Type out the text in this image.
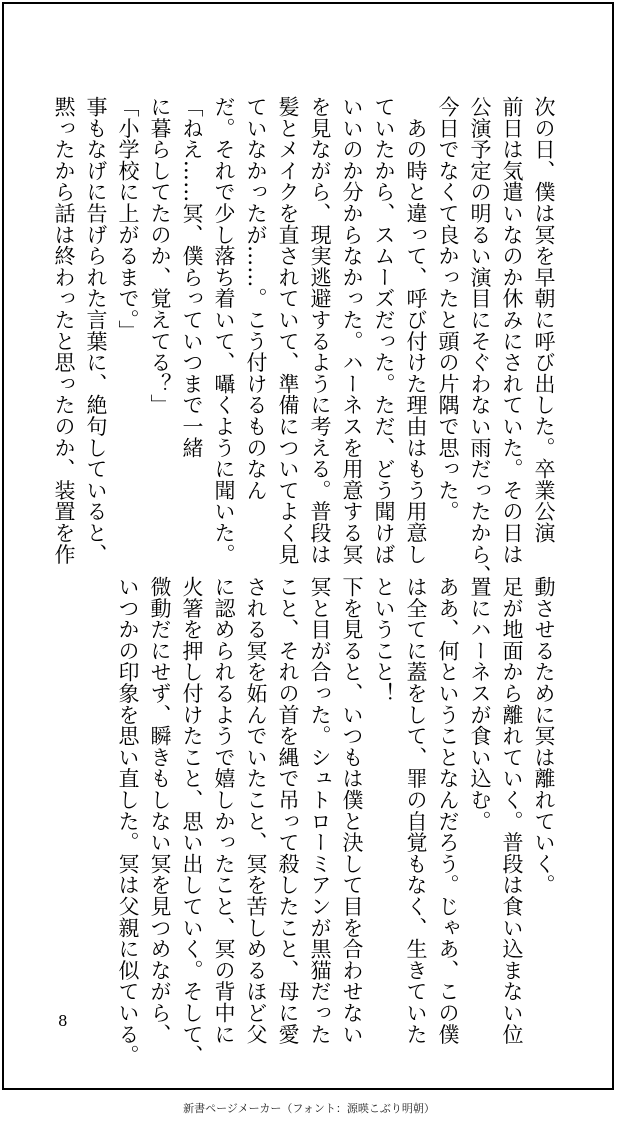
次の日、僕は冥を早朝に呼び出した。卒業公演
前日は気遣いなのか休みにされていた。その日は
公演予定の明るい演目にそぐわない雨だったから、
今日でなくて良かったと頭の片隅で思った。
　あの時と違って、呼び付けた理由はもう用意し
ていたから、スムーズだった。ただ、どう聞けば
いいのか分からなかった。ハーネスを用意する冥
を見ながら、現実逃避するように考える。普段は
髪とメイクを直されていて、準備についてよく見
ていなかったが……。こう付けるものなん
だ。それで少し落ち着いて、囁くように聞いた。
「ねえ……冥、僕らっていつまで一緒
に暮らしてたのか、覚えてる？」
「小学校に上がるまで。」
事もなげに告げられた言葉に、絶句していると、
黙ったから話は終わったと思ったのか、装置を作
動させるために冥は離れていく。
足が地面から離れていく。普段は食い込まない位
置にハーネスが食い込む。
ああ、何ということなんだろう。じゃあ、この僕
は全てに蓋をして、罪の自覚もなく、生きていた
ということ！
下を見ると、いつもは僕と決して目を合わせない
冥と目が合った。シュトローミアンが黒猫だった
こと、それの首を縄で吊って殺したこと、母に愛
される冥を妬んでいたこと、冥を苦しめるほど父
に認められるようで嬉しかったこと、冥の背中に
火箸を押し付けたこと、思い出していく。そして、
微動だにせず、瞬きもしない冥を見つめながら、
いつかの印象を思い直した。冥は父親に似ている。
8
新書ページメーカー（フォント：源暎こぶり明朝）
